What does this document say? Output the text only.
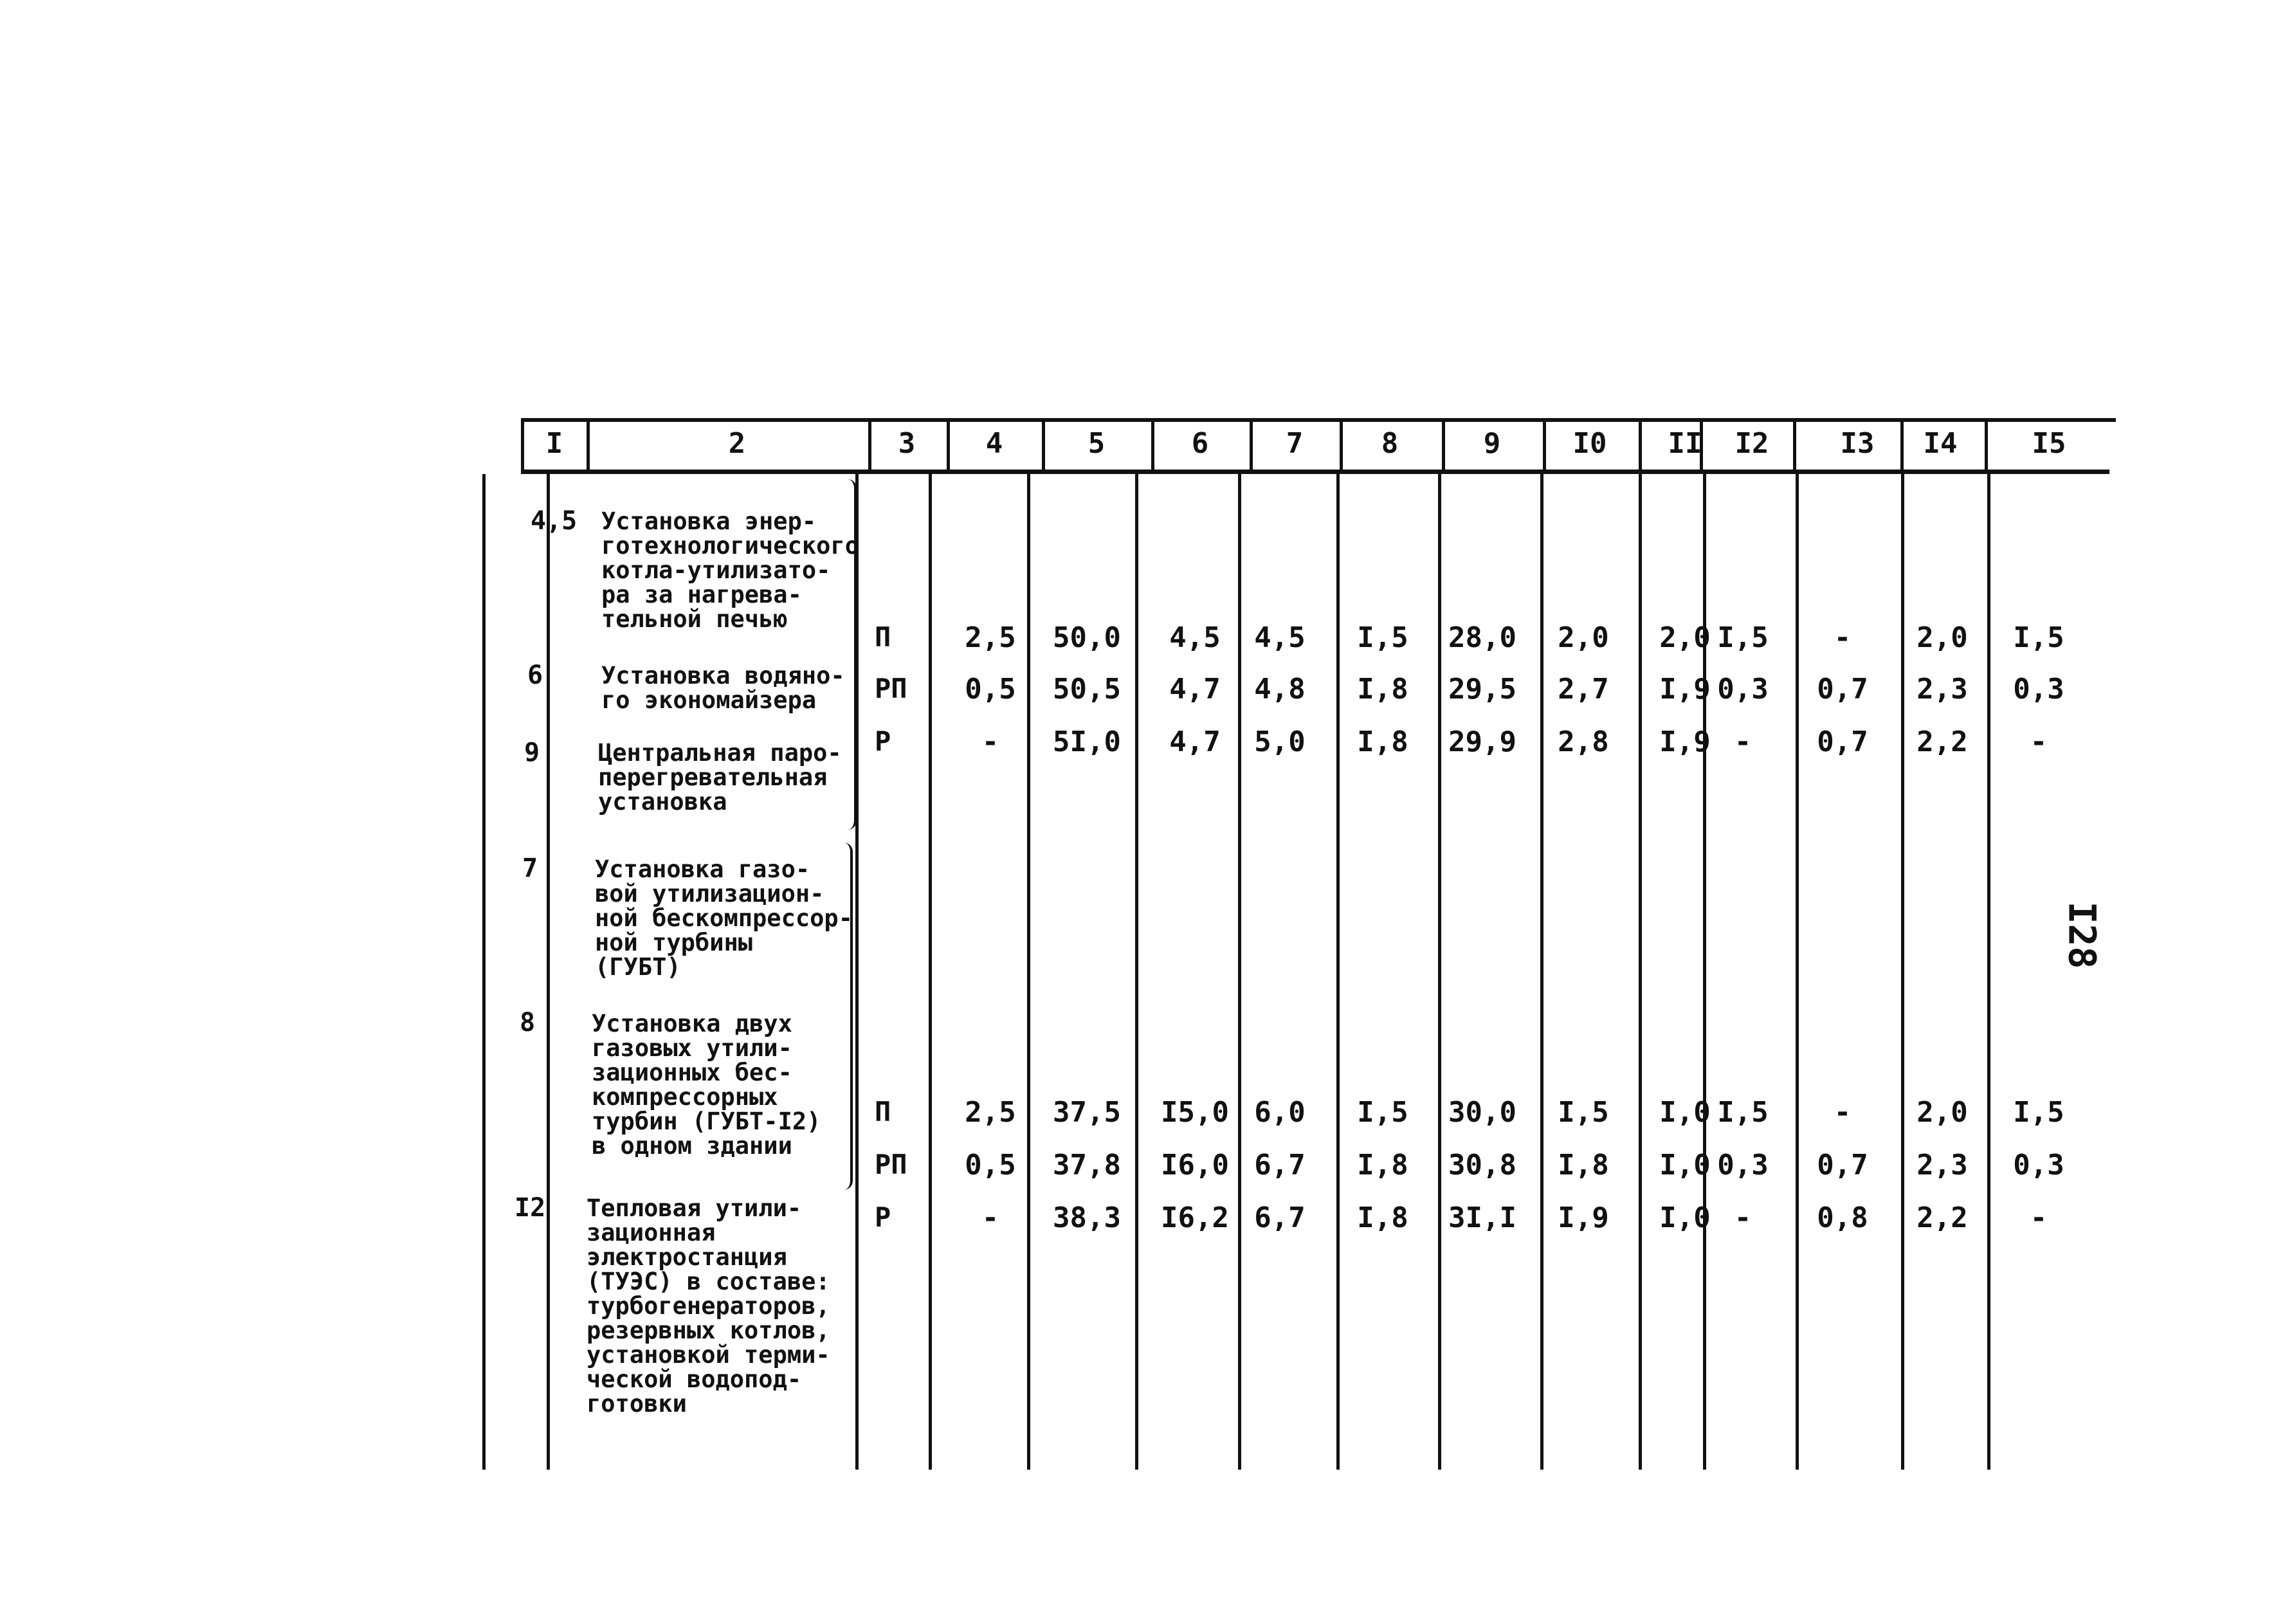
I	2	3	4	5	6	7	8	9	I0	II	I2	I3	I4	I5
4,5 Установка энер-
готехнологического
котла-утилизато-
ра за нагрева-
тельной печью
6 Установка водяно-
го экономайзера
9 Центральная паро-
перегревательная
установка
П	2,5	50,0	4,5	4,5	I,5	28,0	2,0	2,0 I,5	-	2,0	I,5
РП	0,5	50,5	4,7	4,8	I,8	29,5	2,7	I,9 0,3	0,7	2,3	0,3
Р	-	5I,0	4,7	5,0	I,8	29,9	2,8	I,9 -	0,7	2,2	-
7 Установка газо-
вой утилизацион-
ной бескомпрессор-
ной турбины
(ГУБТ)
8 Установка двух
газовых утили-
зационных бес-
компрессорных
турбин (ГУБТ-I2)
в одном здании
I2 Тепловая утили-
зационная
электростанция
(ТУЭС) в составе:
турбогенераторов,
резервных котлов,
установкой терми-
ческой водопод-
готовки
П	2,5	37,5	I5,0 6,0	I,5	30,0	I,5	I,0 I,5	-	2,0	I,5
РП	0,5	37,8	I6,0 6,7	I,8	30,8	I,8	I,0 0,3	0,7	2,3	0,3
Р	-	38,3	I6,2 6,7	I,8	3I,I	I,9	I,0 -	0,8	2,2	-
I28
